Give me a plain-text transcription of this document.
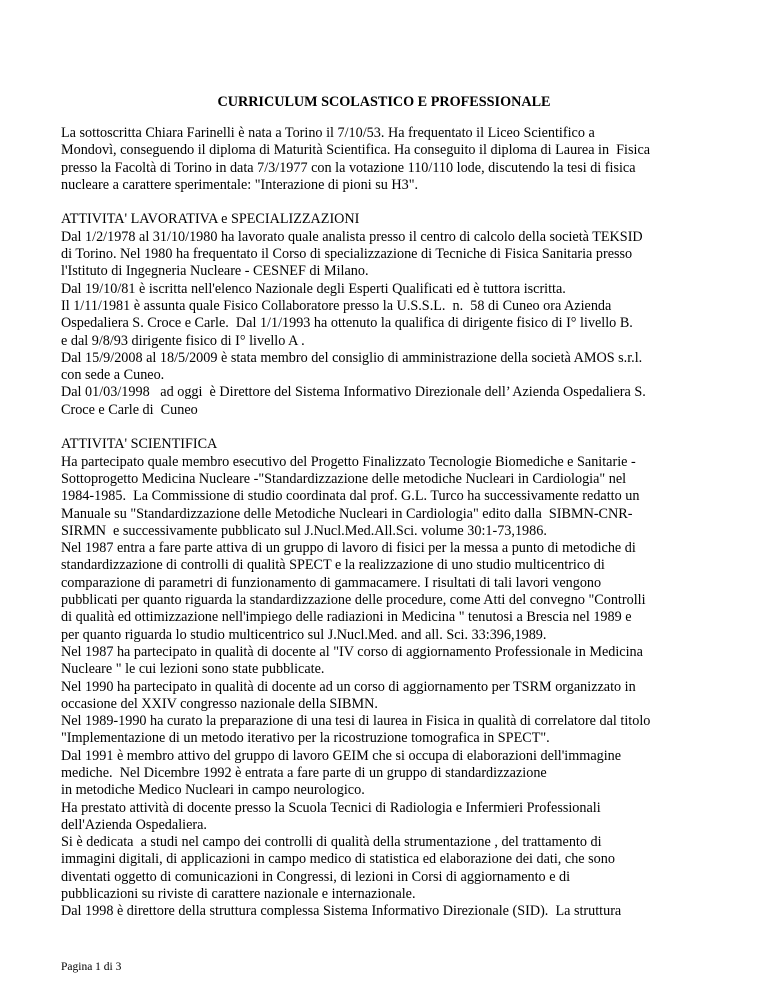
CURRICULUM SCOLASTICO E PROFESSIONALE
La sottoscritta Chiara Farinelli è nata a Torino il 7/10/53. Ha frequentato il Liceo Scientifico a
Mondovì, conseguendo il diploma di Maturità Scientifica. Ha conseguito il diploma di Laurea in  Fisica
presso la Facoltà di Torino in data 7/3/1977 con la votazione 110/110 lode, discutendo la tesi di fisica
nucleare a carattere sperimentale: "Interazione di pioni su H3".
ATTIVITA' LAVORATIVA e SPECIALIZZAZIONI
Dal 1/2/1978 al 31/10/1980 ha lavorato quale analista presso il centro di calcolo della società TEKSID
di Torino. Nel 1980 ha frequentato il Corso di specializzazione di Tecniche di Fisica Sanitaria presso
l'Istituto di Ingegneria Nucleare - CESNEF di Milano.
Dal 19/10/81 è iscritta nell'elenco Nazionale degli Esperti Qualificati ed è tuttora iscritta.
Il 1/11/1981 è assunta quale Fisico Collaboratore presso la U.S.S.L.  n.  58 di Cuneo ora Azienda
Ospedaliera S. Croce e Carle.  Dal 1/1/1993 ha ottenuto la qualifica di dirigente fisico di I° livello B.
e dal 9/8/93 dirigente fisico di I° livello A .
Dal 15/9/2008 al 18/5/2009 è stata membro del consiglio di amministrazione della società AMOS s.r.l.
con sede a Cuneo.
Dal 01/03/1998   ad oggi  è Direttore del Sistema Informativo Direzionale dell’ Azienda Ospedaliera S.
Croce e Carle di  Cuneo
ATTIVITA' SCIENTIFICA
Ha partecipato quale membro esecutivo del Progetto Finalizzato Tecnologie Biomediche e Sanitarie -
Sottoprogetto Medicina Nucleare -"Standardizzazione delle metodiche Nucleari in Cardiologia" nel
1984-1985.  La Commissione di studio coordinata dal prof. G.L. Turco ha successivamente redatto un
Manuale su "Standardizzazione delle Metodiche Nucleari in Cardiologia" edito dalla  SIBMN-CNR-
SIRMN  e successivamente pubblicato sul J.Nucl.Med.All.Sci. volume 30:1-73,1986.
Nel 1987 entra a fare parte attiva di un gruppo di lavoro di fisici per la messa a punto di metodiche di
standardizzazione di controlli di qualità SPECT e la realizzazione di uno studio multicentrico di
comparazione di parametri di funzionamento di gammacamere. I risultati di tali lavori vengono
pubblicati per quanto riguarda la standardizzazione delle procedure, come Atti del convegno "Controlli
di qualità ed ottimizzazione nell'impiego delle radiazioni in Medicina " tenutosi a Brescia nel 1989 e
per quanto riguarda lo studio multicentrico sul J.Nucl.Med. and all. Sci. 33:396,1989.
Nel 1987 ha partecipato in qualità di docente al "IV corso di aggiornamento Professionale in Medicina
Nucleare " le cui lezioni sono state pubblicate.
Nel 1990 ha partecipato in qualità di docente ad un corso di aggiornamento per TSRM organizzato in
occasione del XXIV congresso nazionale della SIBMN.
Nel 1989-1990 ha curato la preparazione di una tesi di laurea in Fisica in qualità di correlatore dal titolo
"Implementazione di un metodo iterativo per la ricostruzione tomografica in SPECT".
Dal 1991 è membro attivo del gruppo di lavoro GEIM che si occupa di elaborazioni dell'immagine
mediche.  Nel Dicembre 1992 è entrata a fare parte di un gruppo di standardizzazione
in metodiche Medico Nucleari in campo neurologico.
Ha prestato attività di docente presso la Scuola Tecnici di Radiologia e Infermieri Professionali
dell'Azienda Ospedaliera.
Si è dedicata  a studi nel campo dei controlli di qualità della strumentazione , del trattamento di
immagini digitali, di applicazioni in campo medico di statistica ed elaborazione dei dati, che sono
diventati oggetto di comunicazioni in Congressi, di lezioni in Corsi di aggiornamento e di
pubblicazioni su riviste di carattere nazionale e internazionale.
Dal 1998 è direttore della struttura complessa Sistema Informativo Direzionale (SID).  La struttura
Pagina 1 di 3
